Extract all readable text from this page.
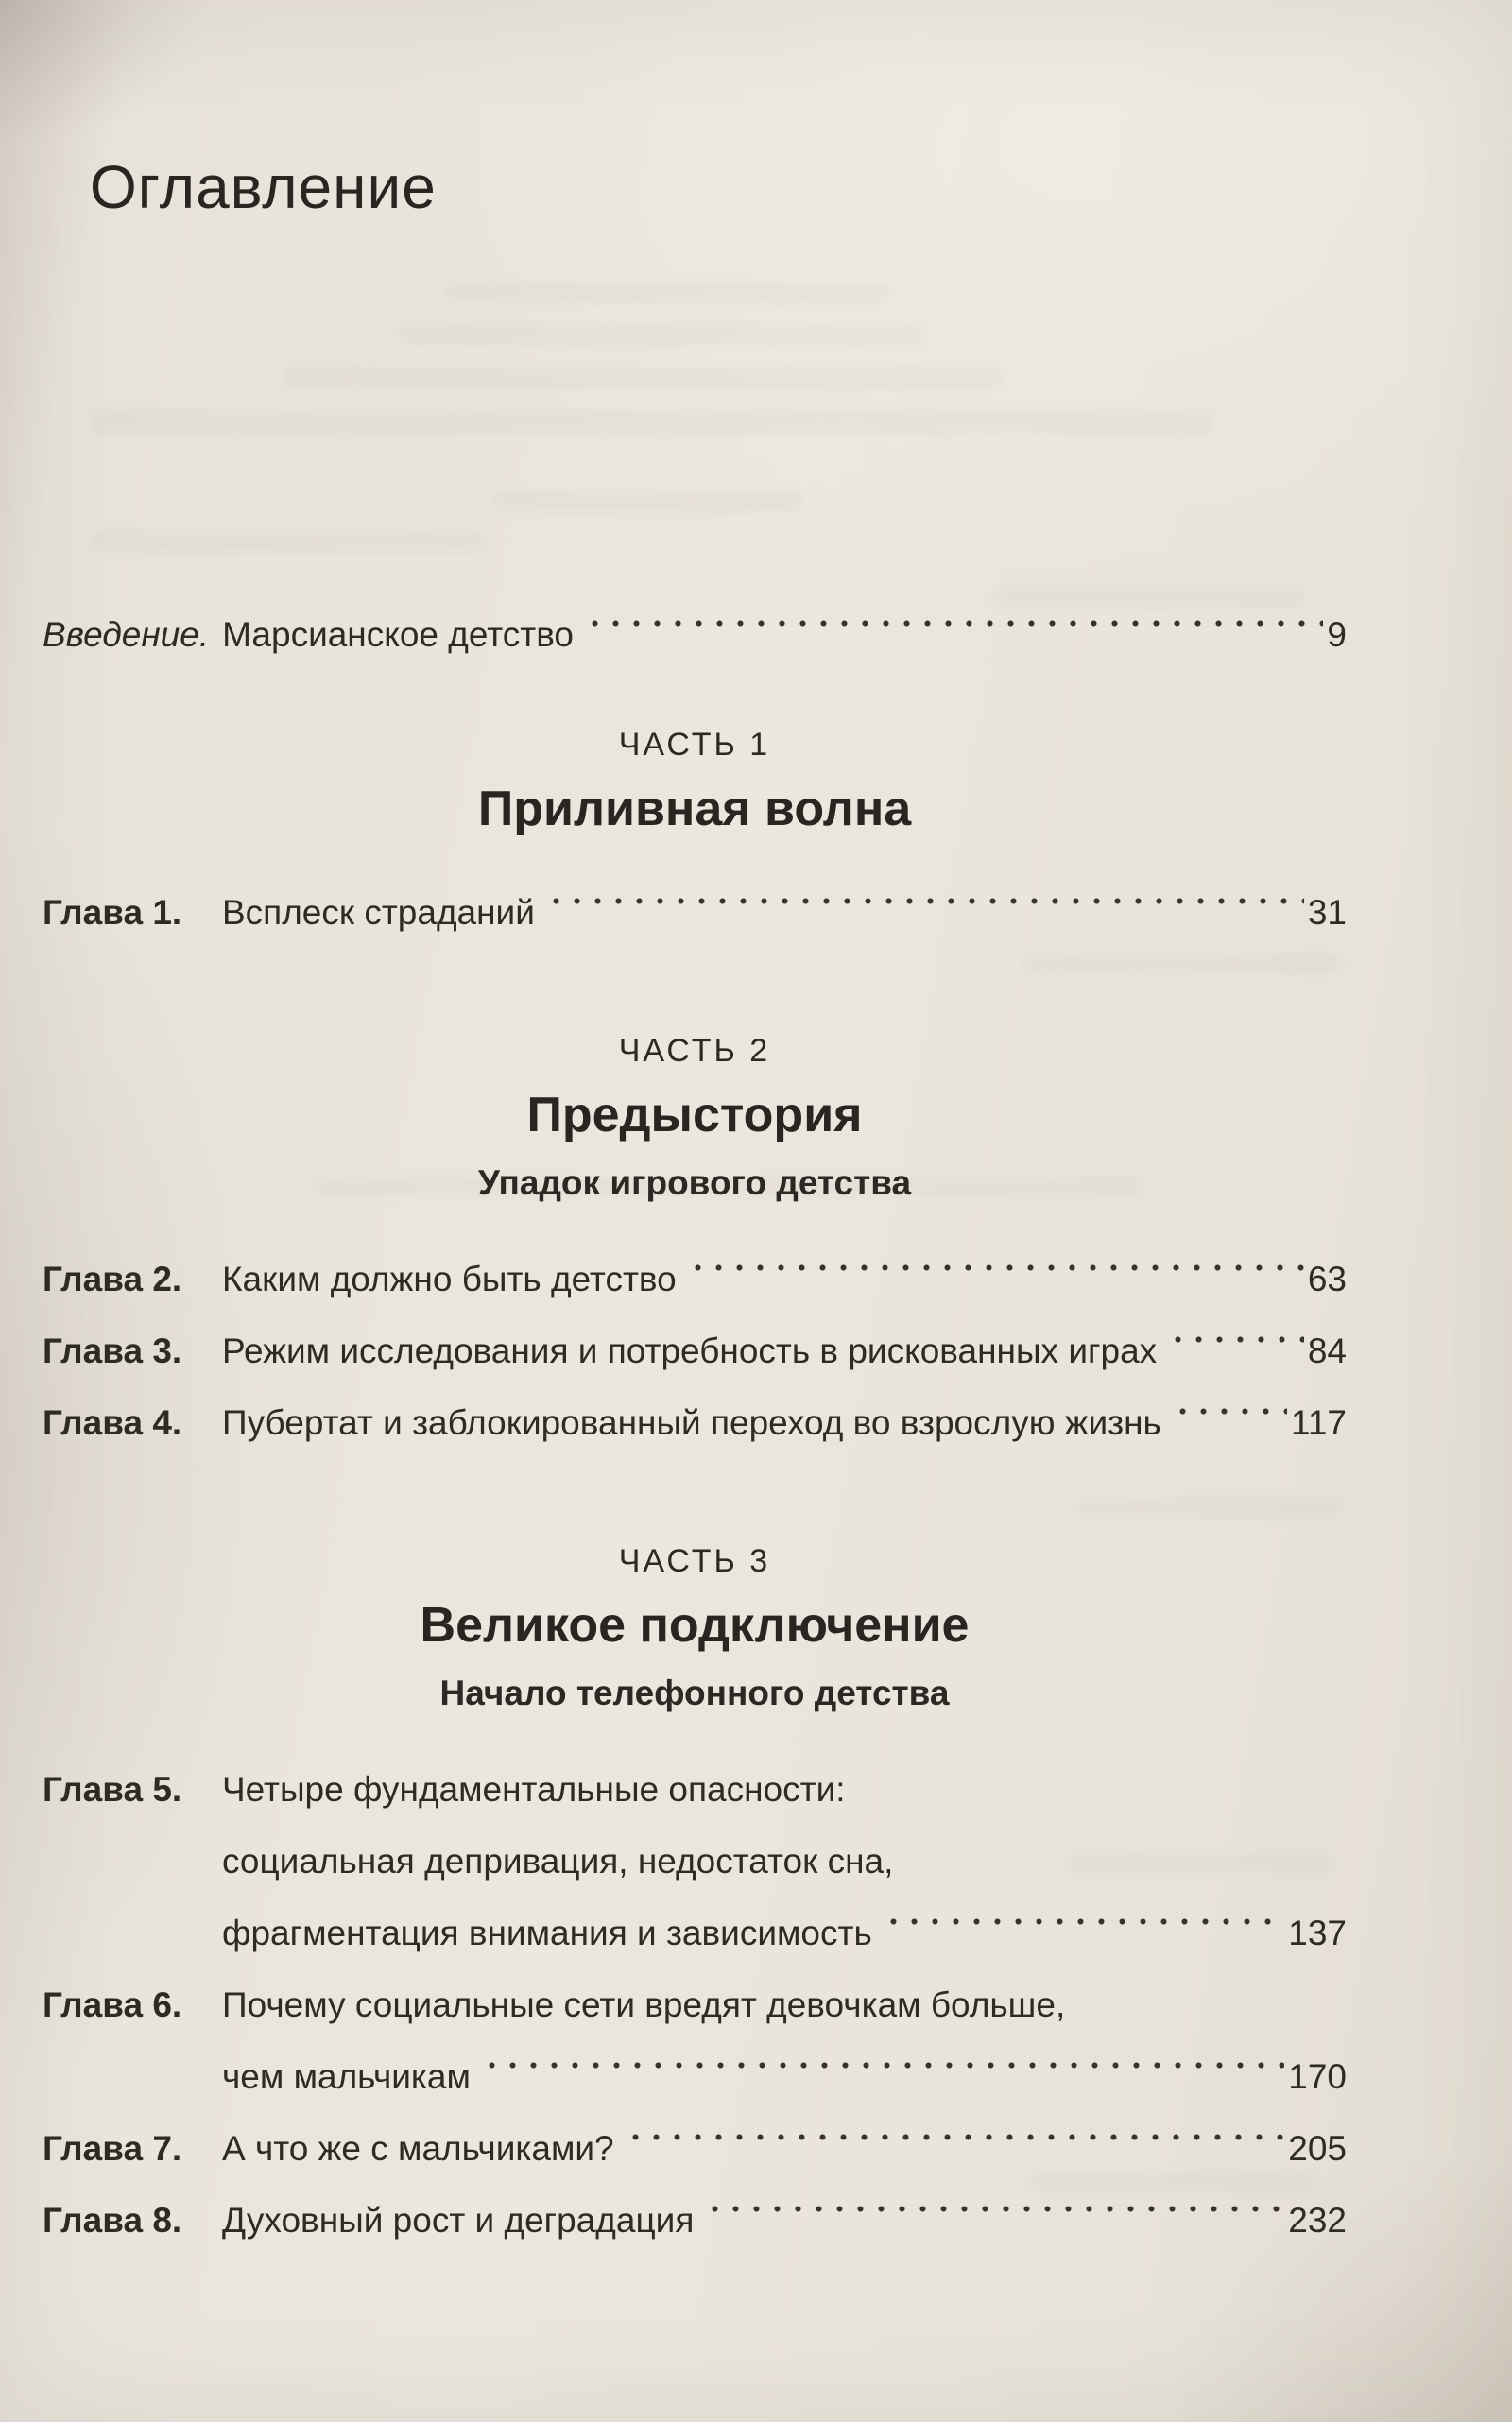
Оглавление
Введение. Марсианское детство	9
ЧАСТЬ 1
Приливная волна
Глава 1.	Всплеск страданий	31
ЧАСТЬ 2
Предыстория
Упадок игрового детства
Глава 2.	Каким должно быть детство	63
Глава 3.	Режим исследования и потребность в рискованных играх	84
Глава 4.	Пубертат и заблокированный переход во взрослую жизнь	117
ЧАСТЬ 3
Великое подключение
Начало телефонного детства
Глава 5.	Четыре фундаментальные опасности:
социальная депривация, недостаток сна,
фрагментация внимания и зависимость	137
Глава 6.	Почему социальные сети вредят девочкам больше,
чем мальчикам	170
Глава 7.	А что же с мальчиками?	205
Глава 8.	Духовный рост и деградация	232
